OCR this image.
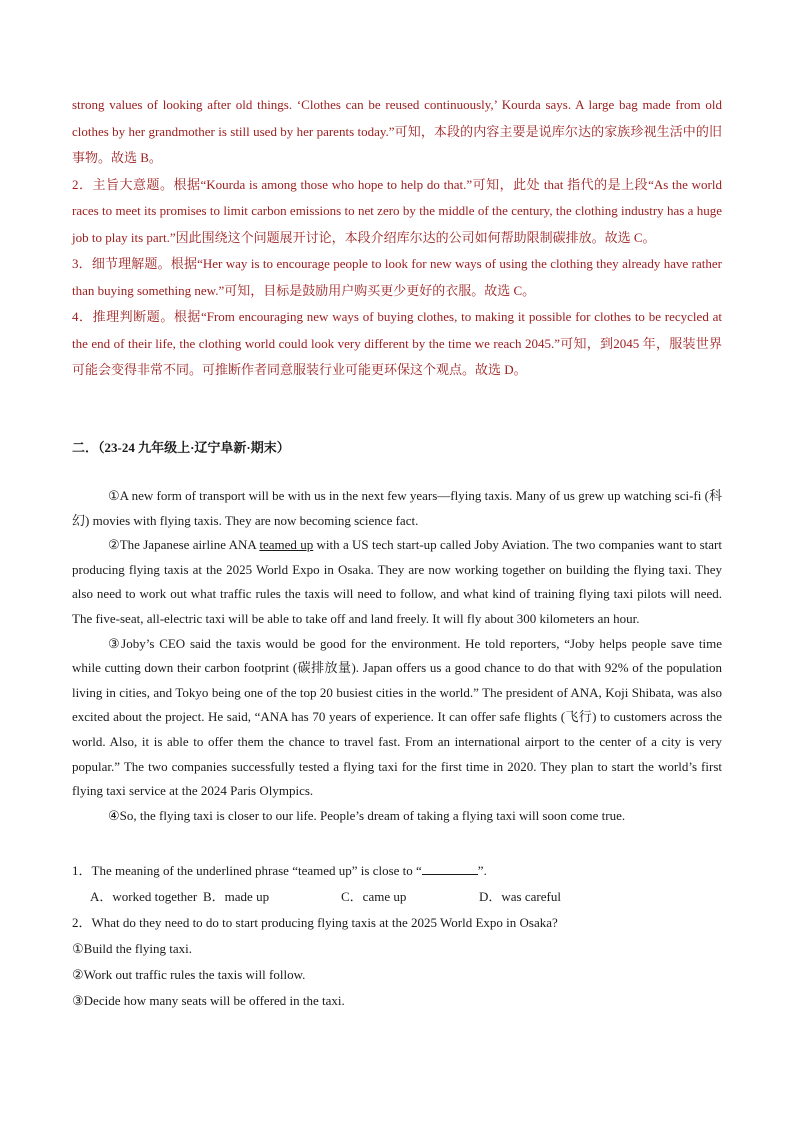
strong values of looking after old things. ‘Clothes can be reused continuously,’ Kourda says. A large bag made from old clothes by her grandmother is still used by her parents today.”可知，本段的内容主要是说库尔达的家族珍视生活中的旧事物。故选 B。

2．主旨大意题。根据“Kourda is among those who hope to help do that.”可知，此处 that 指代的是上段“As the world races to meet its promises to limit carbon emissions to net zero by the middle of the century, the clothing industry has a huge job to play its part.”因此围绕这个问题展开讨论，本段介绍库尔达的公司如何帮助限制碳排放。故选 C。

3．细节理解题。根据“Her way is to encourage people to look for new ways of using the clothing they already have rather than buying something new.”可知，目标是鼓励用户购买更少更好的衣服。故选 C。

4．推理判断题。根据“From encouraging new ways of buying clothes, to making it possible for clothes to be recycled at the end of their life, the clothing world could look very different by the time we reach 2045.”可知，到2045 年，服装世界可能会变得非常不同。可推断作者同意服装行业可能更环保这个观点。故选 D。

二．（23-24 九年级上·辽宁阜新·期末）

①A new form of transport will be with us in the next few years—flying taxis. Many of us grew up watching sci-fi (科幻) movies with flying taxis. They are now becoming science fact.

②The Japanese airline ANA teamed up with a US tech start-up called Joby Aviation. The two companies want to start producing flying taxis at the 2025 World Expo in Osaka. They are now working together on building the flying taxi. They also need to work out what traffic rules the taxis will need to follow, and what kind of training flying taxi pilots will need. The five-seat, all-electric taxi will be able to take off and land freely. It will fly about 300 kilometers an hour.

③Joby’s CEO said the taxis would be good for the environment. He told reporters, “Joby helps people save time while cutting down their carbon footprint (碳排放量). Japan offers us a good chance to do that with 92% of the population living in cities, and Tokyo being one of the top 20 busiest cities in the world.” The president of ANA, Koji Shibata, was also excited about the project. He said, “ANA has 70 years of experience. It can offer safe flights (飞行) to customers across the world. Also, it is able to offer them the chance to travel fast. From an international airport to the center of a city is very popular.” The two companies successfully tested a flying taxi for the first time in 2020. They plan to start the world’s first flying taxi service at the 2024 Paris Olympics.

④So, the flying taxi is closer to our life. People’s dream of taking a flying taxi will soon come true.

1．The meaning of the underlined phrase “teamed up” is close to “	”.

A．worked together B．made up	C．came up	D．was careful

2．What do they need to do to start producing flying taxis at the 2025 World Expo in Osaka?

①Build the flying taxi.

②Work out traffic rules the taxis will follow.

③Decide how many seats will be offered in the taxi.
